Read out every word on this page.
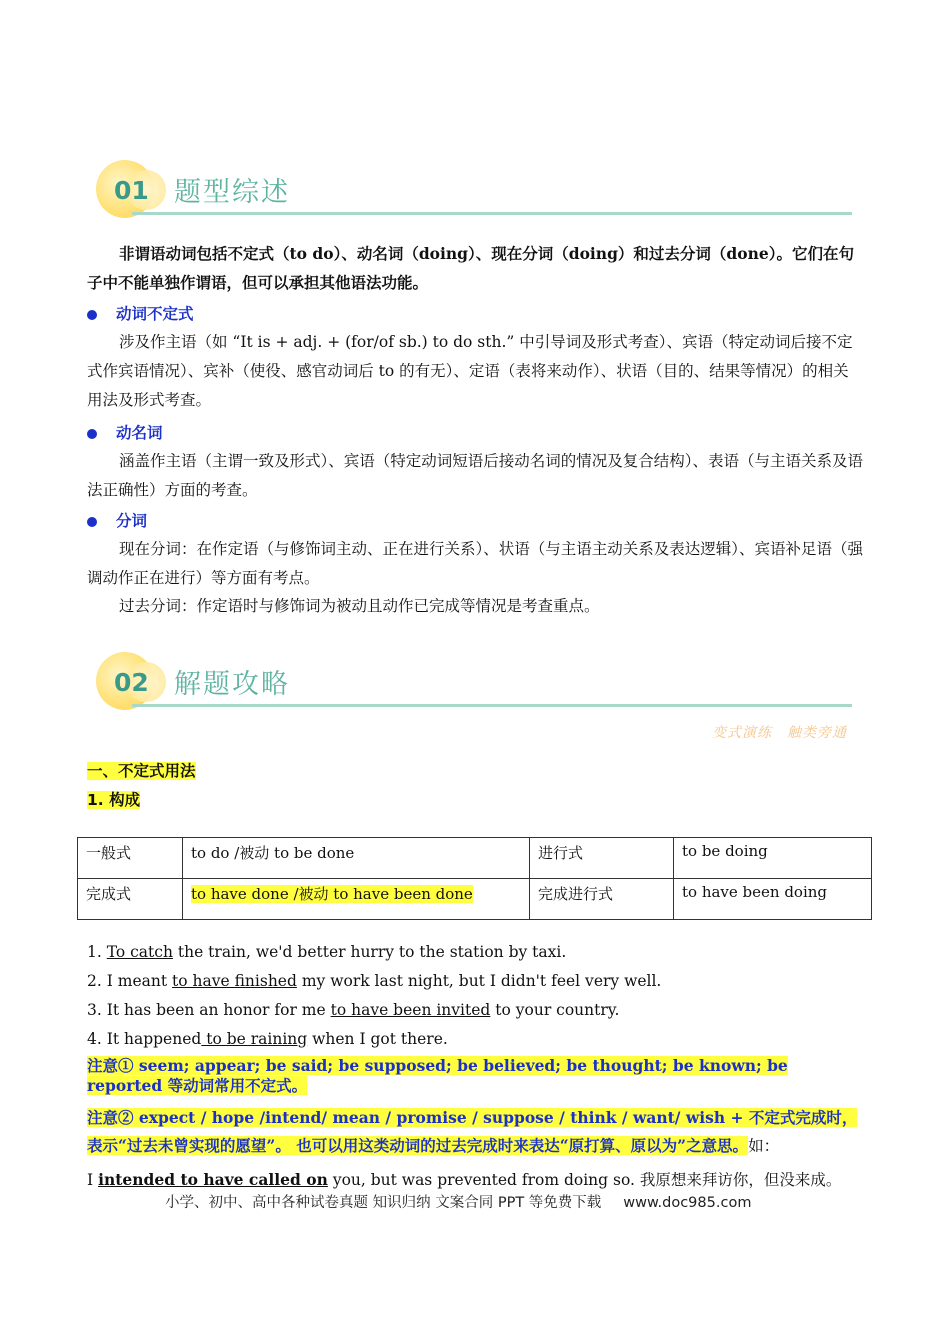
01 题型综述
非谓语动词包括不定式（to do）、动名词（doing）、现在分词（doing）和过去分词（done）。它们在句子中不能单独作谓语，但可以承担其他语法功能。
动词不定式
涉及作主语（如 “It is + adj. + (for/of sb.) to do sth.” 中引导词及形式考查）、宾语（特定动词后接不定式作宾语情况）、宾补（使役、感官动词后 to 的有无）、定语（表将来动作）、状语（目的、结果等情况）的相关用法及形式考查。
动名词
涵盖作主语（主谓一致及形式）、宾语（特定动词短语后接动名词的情况及复合结构）、表语（与主语关系及语法正确性）方面的考查。
分词
现在分词：在作定语（与修饰词主动、正在进行关系）、状语（与主语主动关系及表达逻辑）、宾语补足语（强调动作正在进行）等方面有考点。
过去分词：作定语时与修饰词为被动且动作已完成等情况是考查重点。
02 解题攻略
变式演练　触类旁通
一、不定式用法
1. 构成
一般式	to do /被动 to be done	进行式	to be doing
完成式	to have done /被动 to have been done	完成进行式	to have been doing
1. To catch the train, we'd better hurry to the station by taxi.
2. I meant to have finished my work last night, but I didn't feel very well.
3. It has been an honor for me to have been invited to your country.
4. It happened to be raining when I got there.
注意① seem; appear; be said; be supposed; be believed; be thought; be known; be reported 等动词常用不定式。
注意② expect / hope /intend/ mean / promise / suppose / think / want/ wish + 不定式完成时，表示“过去未曾实现的愿望”。 也可以用这类动词的过去完成时来表达“原打算、原以为”之意思。如：
I intended to have called on you, but was prevented from doing so. 我原想来拜访你，但没来成。
小学、初中、高中各种试卷真题 知识归纳 文案合同 PPT 等免费下载 www.doc985.com
